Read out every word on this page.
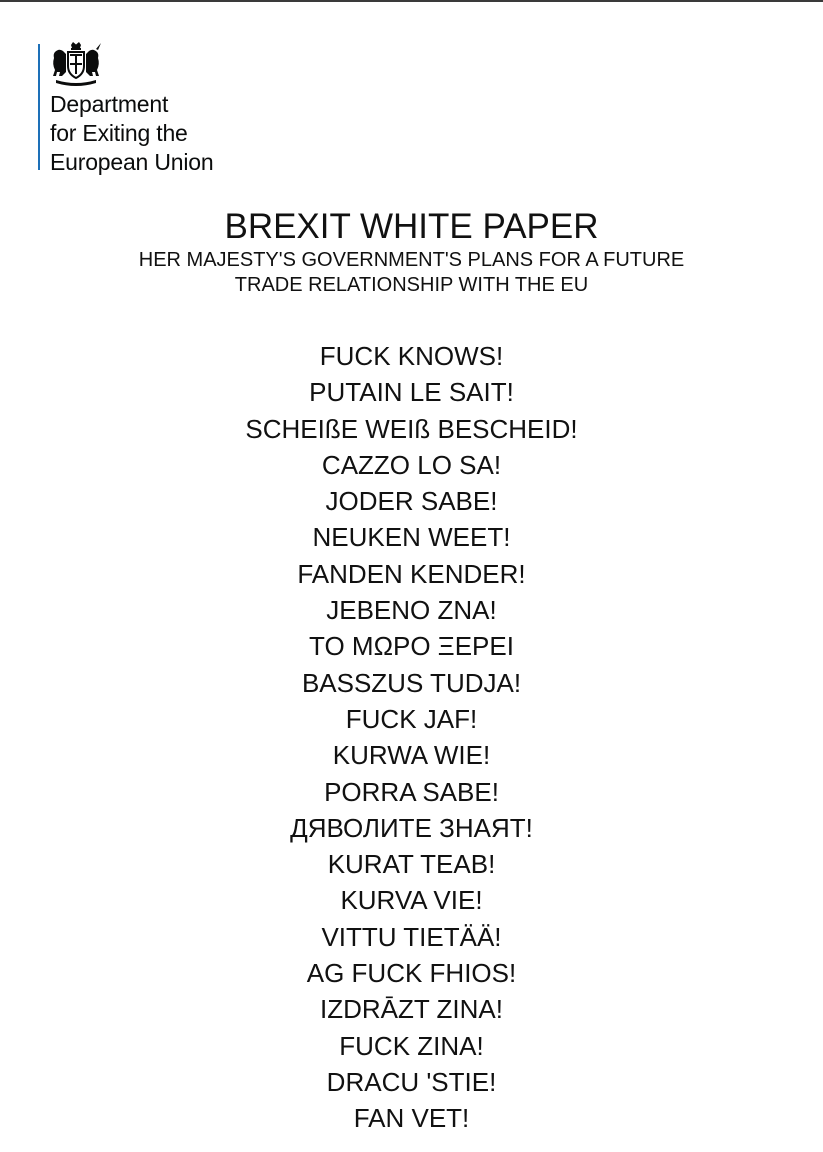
Department
for Exiting the
European Union
BREXIT WHITE PAPER
HER MAJESTY'S GOVERNMENT'S PLANS FOR A FUTURE
TRADE RELATIONSHIP WITH THE EU
FUCK KNOWS!
PUTAIN LE SAIT!
SCHEIßE WEIß BESCHEID!
CAZZO LO SA!
JODER SABE!
NEUKEN WEET!
FANDEN KENDER!
JEBENO ZNA!
ΤΟ ΜΩΡΟ ΞΕΡΕΙ
BASSZUS TUDJA!
FUCK JAF!
KURWA WIE!
PORRA SABE!
ДЯВОЛИТЕ ЗНАЯТ!
KURAT TEAB!
KURVA VIE!
VITTU TIETÄÄ!
AG FUCK FHIOS!
IZDRĀZT ZINA!
FUCK ZINA!
DRACU 'STIE!
FAN VET!
